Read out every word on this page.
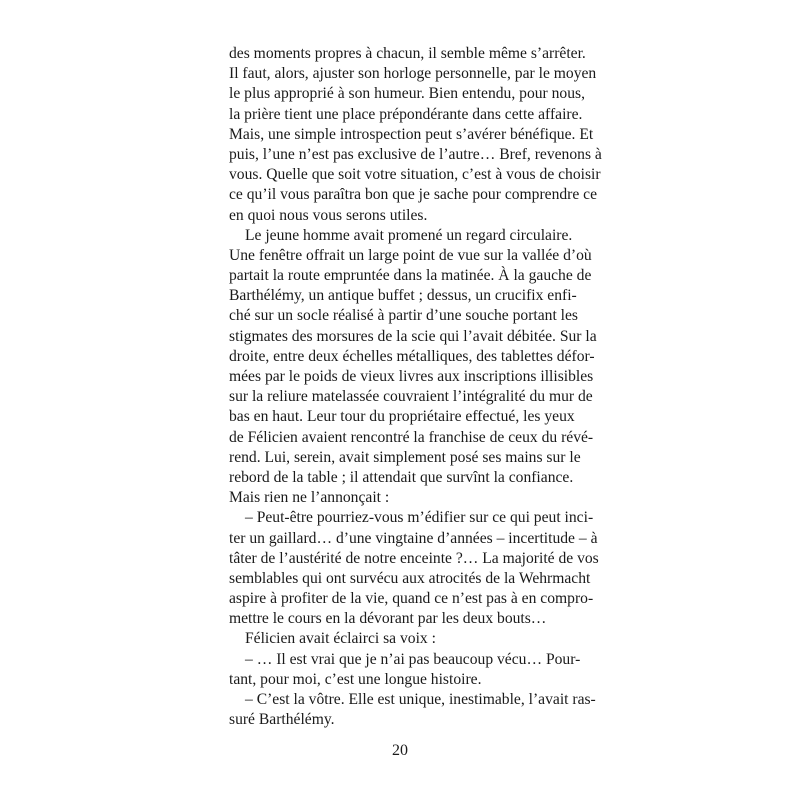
des moments propres à chacun, il semble même s’arrêter.
Il faut, alors, ajuster son horloge personnelle, par le moyen
le plus approprié à son humeur. Bien entendu, pour nous,
la prière tient une place prépondérante dans cette affaire.
Mais, une simple introspection peut s’avérer bénéfique. Et
puis, l’une n’est pas exclusive de l’autre… Bref, revenons à
vous. Quelle que soit votre situation, c’est à vous de choisir
ce qu’il vous paraîtra bon que je sache pour comprendre ce
en quoi nous vous serons utiles.
Le jeune homme avait promené un regard circulaire.
Une fenêtre offrait un large point de vue sur la vallée d’où
partait la route empruntée dans la matinée. À la gauche de
Barthélémy, un antique buffet ; dessus, un crucifix enfi-
ché sur un socle réalisé à partir d’une souche portant les
stigmates des morsures de la scie qui l’avait débitée. Sur la
droite, entre deux échelles métalliques, des tablettes défor-
mées par le poids de vieux livres aux inscriptions illisibles
sur la reliure matelassée couvraient l’intégralité du mur de
bas en haut. Leur tour du propriétaire effectué, les yeux
de Félicien avaient rencontré la franchise de ceux du révé-
rend. Lui, serein, avait simplement posé ses mains sur le
rebord de la table ; il attendait que survînt la confiance.
Mais rien ne l’annonçait :
– Peut-être pourriez-vous m’édifier sur ce qui peut inci-
ter un gaillard… d’une vingtaine d’années – incertitude – à
tâter de l’austérité de notre enceinte ?… La majorité de vos
semblables qui ont survécu aux atrocités de la Wehrmacht
aspire à profiter de la vie, quand ce n’est pas à en compro-
mettre le cours en la dévorant par les deux bouts…
Félicien avait éclairci sa voix :
– … Il est vrai que je n’ai pas beaucoup vécu… Pour-
tant, pour moi, c’est une longue histoire.
– C’est la vôtre. Elle est unique, inestimable, l’avait ras-
suré Barthélémy.
20
